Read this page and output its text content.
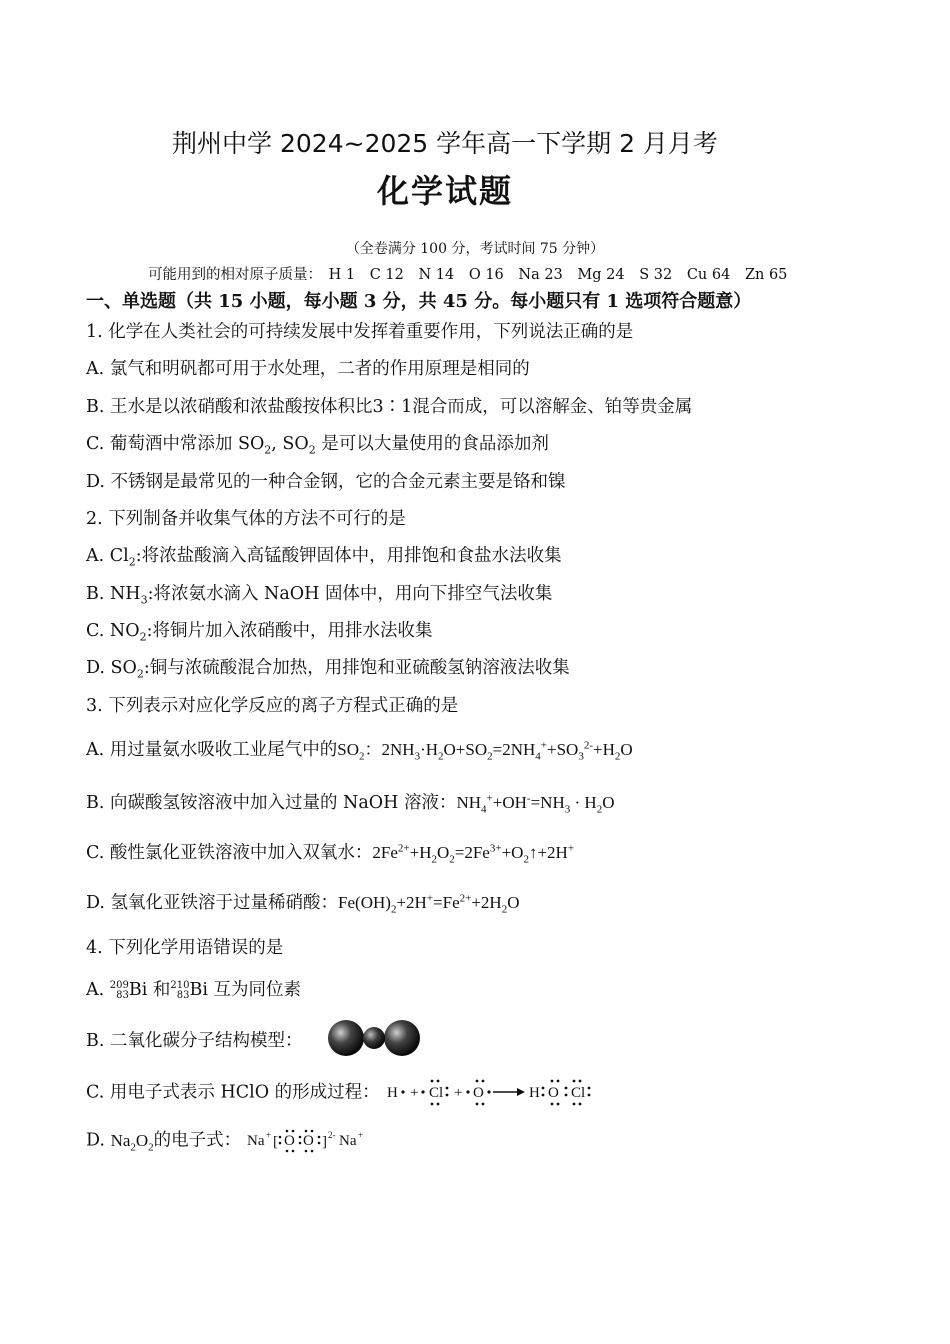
荆州中学 2024~2025 学年高一下学期 2 月月考
化学试题
（全卷满分 100 分，考试时间 75 分钟）
可能用到的相对原子质量： H 1 C 12 N 14 O 16 Na 23 Mg 24 S 32 Cu 64 Zn 65
一、单选题（共 15 小题，每小题 3 分，共 45 分。每小题只有 1 选项符合题意）
1. 化学在人类社会的可持续发展中发挥着重要作用，下列说法正确的是
A. 氯气和明矾都可用于水处理，二者的作用原理是相同的
B. 王水是以浓硝酸和浓盐酸按体积比3∶1混合而成，可以溶解金、铂等贵金属
C. 葡萄酒中常添加 $SO_2$, $SO_2$ 是可以大量使用的食品添加剂
D. 不锈钢是最常见的一种合金钢，它的合金元素主要是铬和镍
2. 下列制备并收集气体的方法不可行的是
A. $Cl_2$:将浓盐酸滴入高锰酸钾固体中，用排饱和食盐水法收集
B. $NH_3$:将浓氨水滴入 NaOH 固体中，用向下排空气法收集
C. $NO_2$:将铜片加入浓硝酸中，用排水法收集
D. $SO_2$:铜与浓硫酸混合加热，用排饱和亚硫酸氢钠溶液法收集
3. 下列表示对应化学反应的离子方程式正确的是
A. 用过量氨水吸收工业尾气中的$SO_2$：$2NH_3\cdot H_2O+SO_2=2NH_4^++SO_3^{2-}+H_2O$
B. 向碳酸氢铵溶液中加入过量的 NaOH 溶液：$NH_4^++OH^-=NH_3 \cdot H_2O$
C. 酸性氯化亚铁溶液中加入双氧水：$2Fe^{2+}+H_2O_2=2Fe^{3+}+O_2↑+2H^+$
D. 氢氧化亚铁溶于过量稀硝酸：$Fe(OH)_2+2H^+=Fe^{2+}+2H_2O$
4. 下列化学用语错误的是
A. 209
83Bi 和210
83Bi 互为同位素
B. 二氧化碳分子结构模型：
C. 用电子式表示 HClO 的形成过程： H + Cl + O	H O Cl
D. $Na_2O_2$的电子式： Na + [ O O ] 2- Na +
